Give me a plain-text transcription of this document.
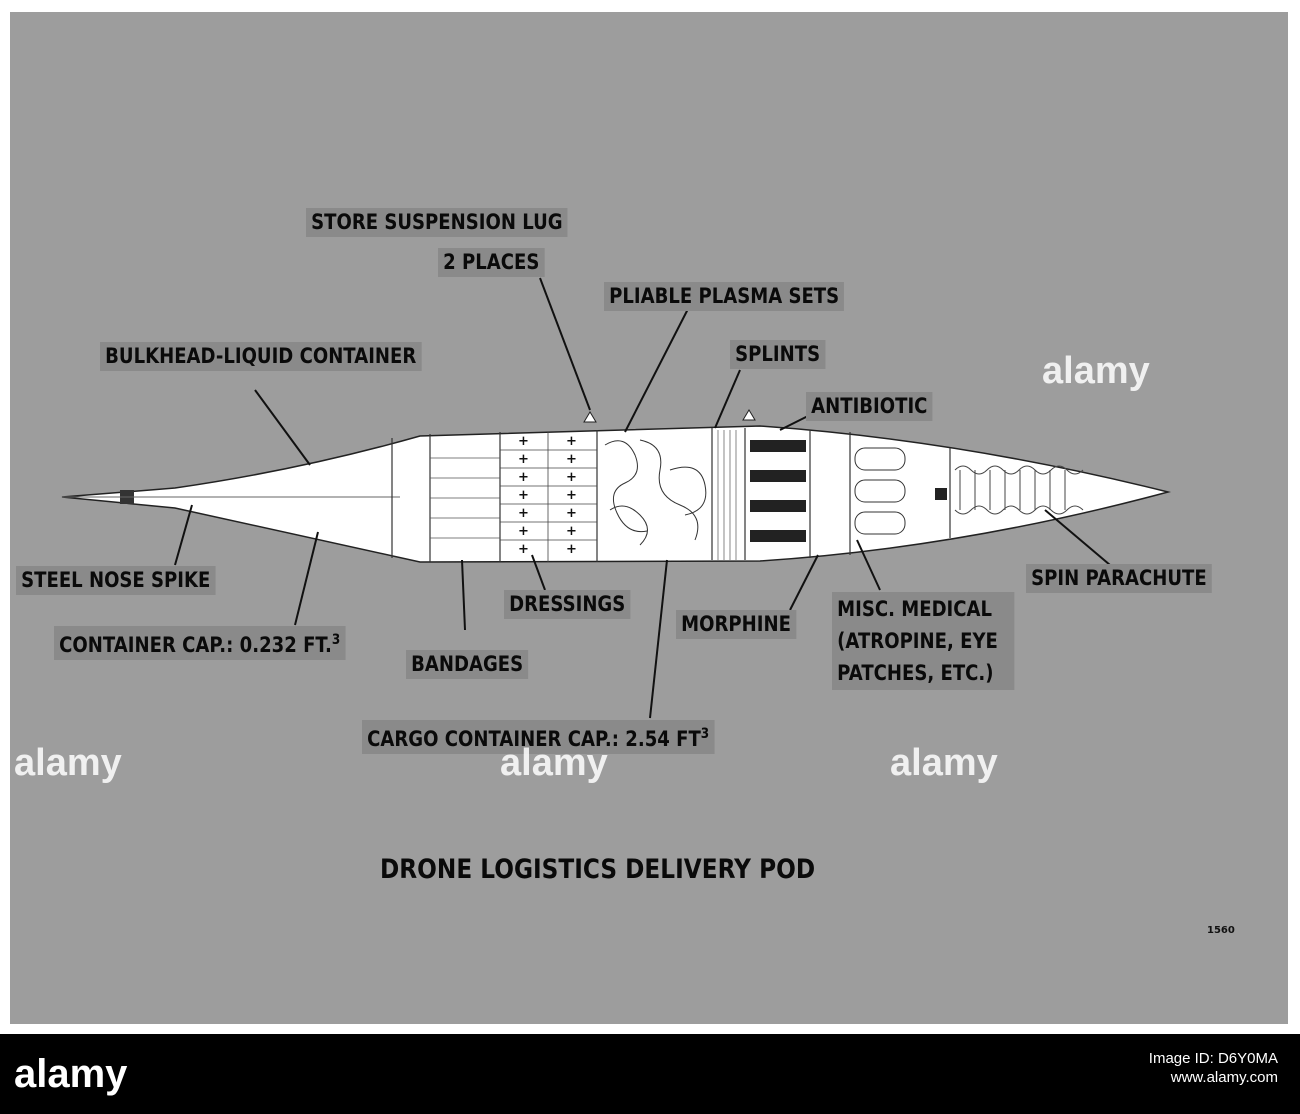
+	+
+	+
+	+
+	+
+	+
+	+
+	+
STORE SUSPENSION LUG
2 PLACES
PLIABLE PLASMA SETS
BULKHEAD-LIQUID CONTAINER	SPLINTS
ANTIBIOTIC
STEEL NOSE SPIKE
CONTAINER CAP.: 0.232 FT.$^3$
DRESSINGS
BANDAGES
MORPHINE
MISC. MEDICAL
(ATROPINE, EYE
PATCHES, ETC.)
SPIN PARACHUTE
CARGO CONTAINER CAP.: 2.54 $FT^3$
DRONE LOGISTICS DELIVERY POD
1560
alamy
alamy	alamy	alamy
alamy	Image ID: D6Y0MA
www.alamy.com
